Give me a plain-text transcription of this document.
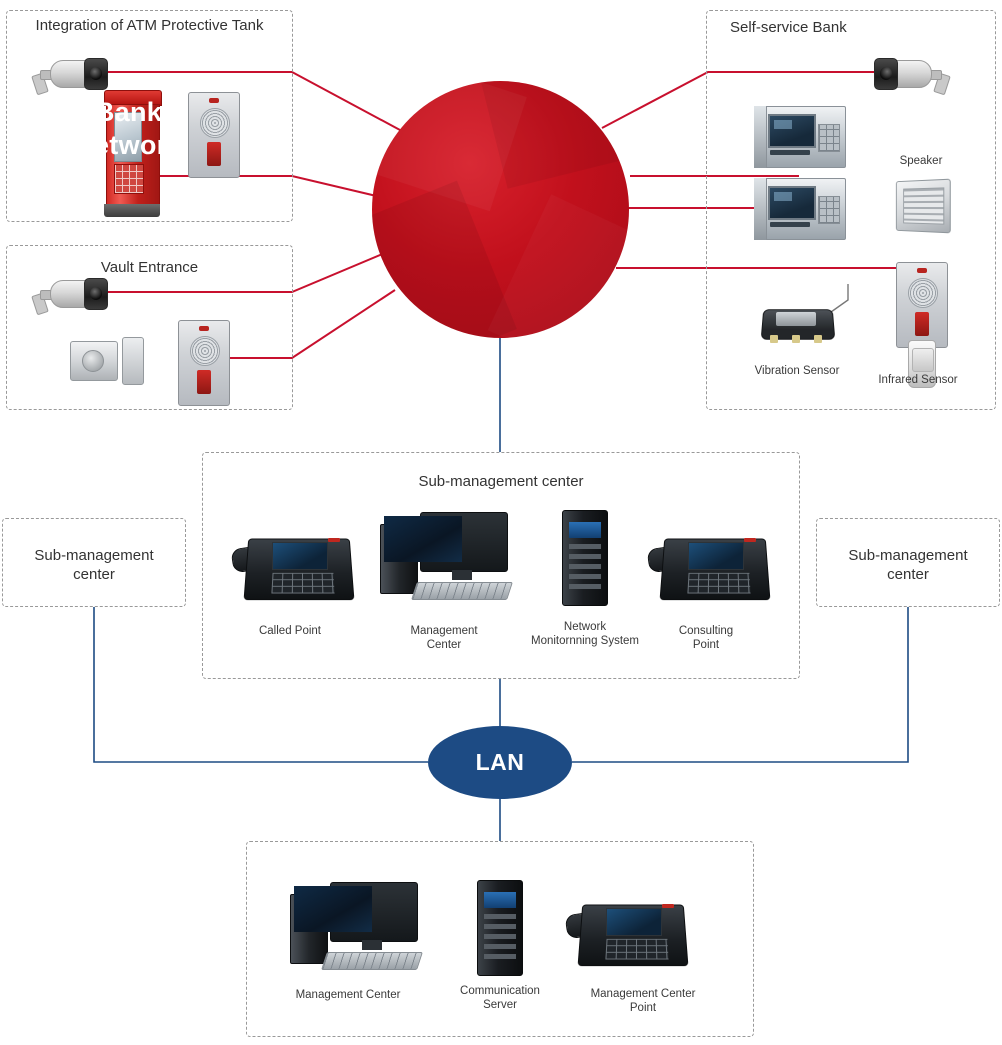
Integration of ATM Protective Tank
Vault Entrance
Self-service Bank
Speaker
Vibration Sensor
Infrared Sensor
Bank
Network
Sub-management center
Called Point	Management
Center
Network
Monitornning System
Consulting
Point
Sub-management
center
Sub-management
center
LAN
Management Center	Communication
Server
Management Center
Point
